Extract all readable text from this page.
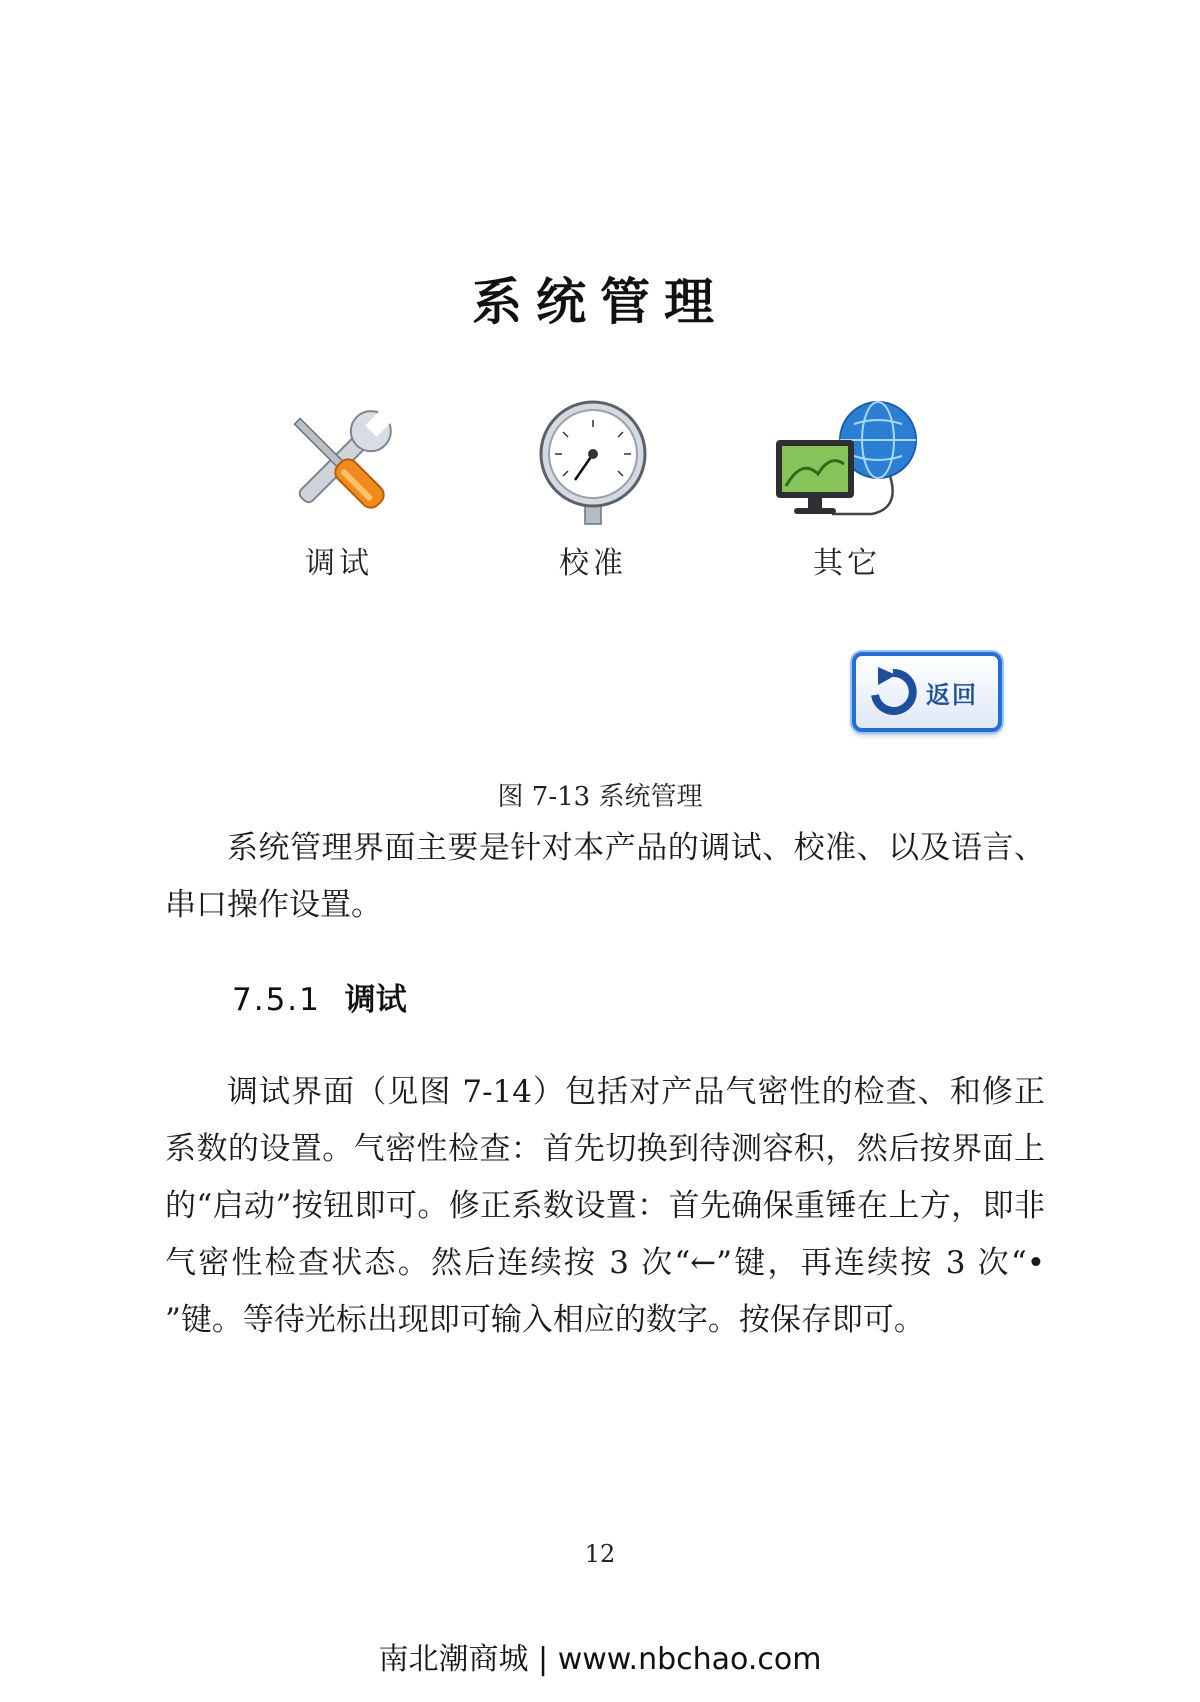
系统管理
调试	校准	其它
返回
图 7-13 系统管理
系统管理界面主要是针对本产品的调试、校准、以及语言、串口操作设置。
7.5.1 调试
调试界面（见图 7-14）包括对产品气密性的检查、和修正系数的设置。气密性检查：首先切换到待测容积，然后按界面上的“启动”按钮即可。修正系数设置：首先确保重锤在上方，即非气密性检查状态。然后连续按 3 次“←”键，再连续按 3 次“• ”键。等待光标出现即可输入相应的数字。按保存即可。
12
南北潮商城 | www.nbchao.com
